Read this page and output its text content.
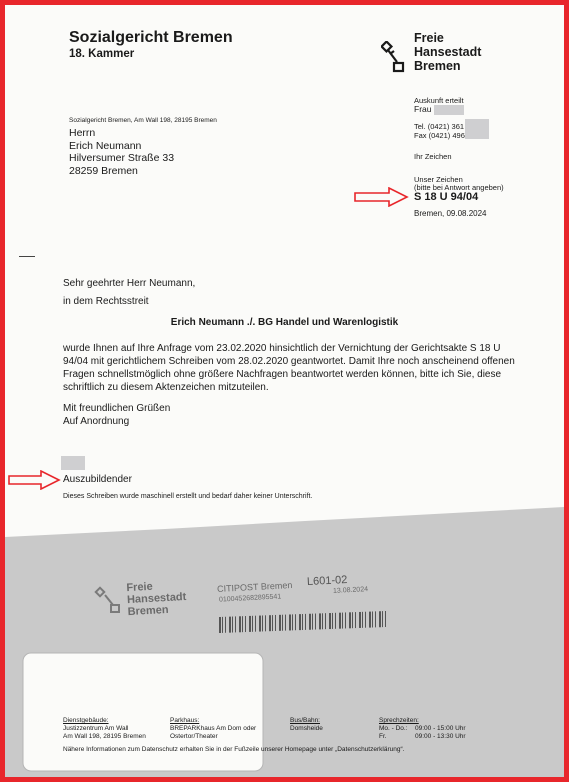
Sozialgericht Bremen
18. Kammer
Freie
Hansestadt
Bremen
Sozialgericht Bremen, Am Wall 198, 28195 Bremen
Herrn
Erich Neumann
Hilversumer Straße 33
28259 Bremen
Auskunft erteilt
Frau
Tel. (0421) 361
Fax (0421) 496
Ihr Zeichen
Unser Zeichen
(bitte bei Antwort angeben)
S 18 U 94/04
Bremen, 09.08.2024
Sehr geehrter Herr Neumann,
in dem Rechtsstreit
Erich Neumann ./. BG Handel und Warenlogistik
wurde Ihnen auf Ihre Anfrage vom 23.02.2020 hinsichtlich der Vernichtung der Gerichtsakte S 18 U 94/04 mit gerichtlichem Schreiben vom 28.02.2020 geantwortet. Damit Ihre noch anscheinend offenen Fragen schnellstmöglich ohne größere Nachfragen beantwortet werden können, bitte ich Sie, diese schriftlich zu diesem Aktenzeichen mitzuteilen.
Mit freundlichen Grüßen
Auf Anordnung
Auszubildender
Dieses Schreiben wurde maschinell erstellt und bedarf daher keiner Unterschrift.
Freie
Hansestadt
Bremen
CITIPOST Bremen L601-02
0100452682895541
13.08.2024
Dienstgebäude:
Justizzentrum Am Wall
Am Wall 198, 28195 Bremen
Parkhaus:
BREPARKhaus Am Dom oder
Ostertor/Theater
Bus/Bahn:
Domsheide
Sprechzeiten:
Mo. - Do.: 09:00 - 15:00 Uhr
Fr.	09:00 - 13:30 Uhr
Nähere Informationen zum Datenschutz erhalten Sie in der Fußzeile unserer Homepage unter „Datenschutzerklärung“.
